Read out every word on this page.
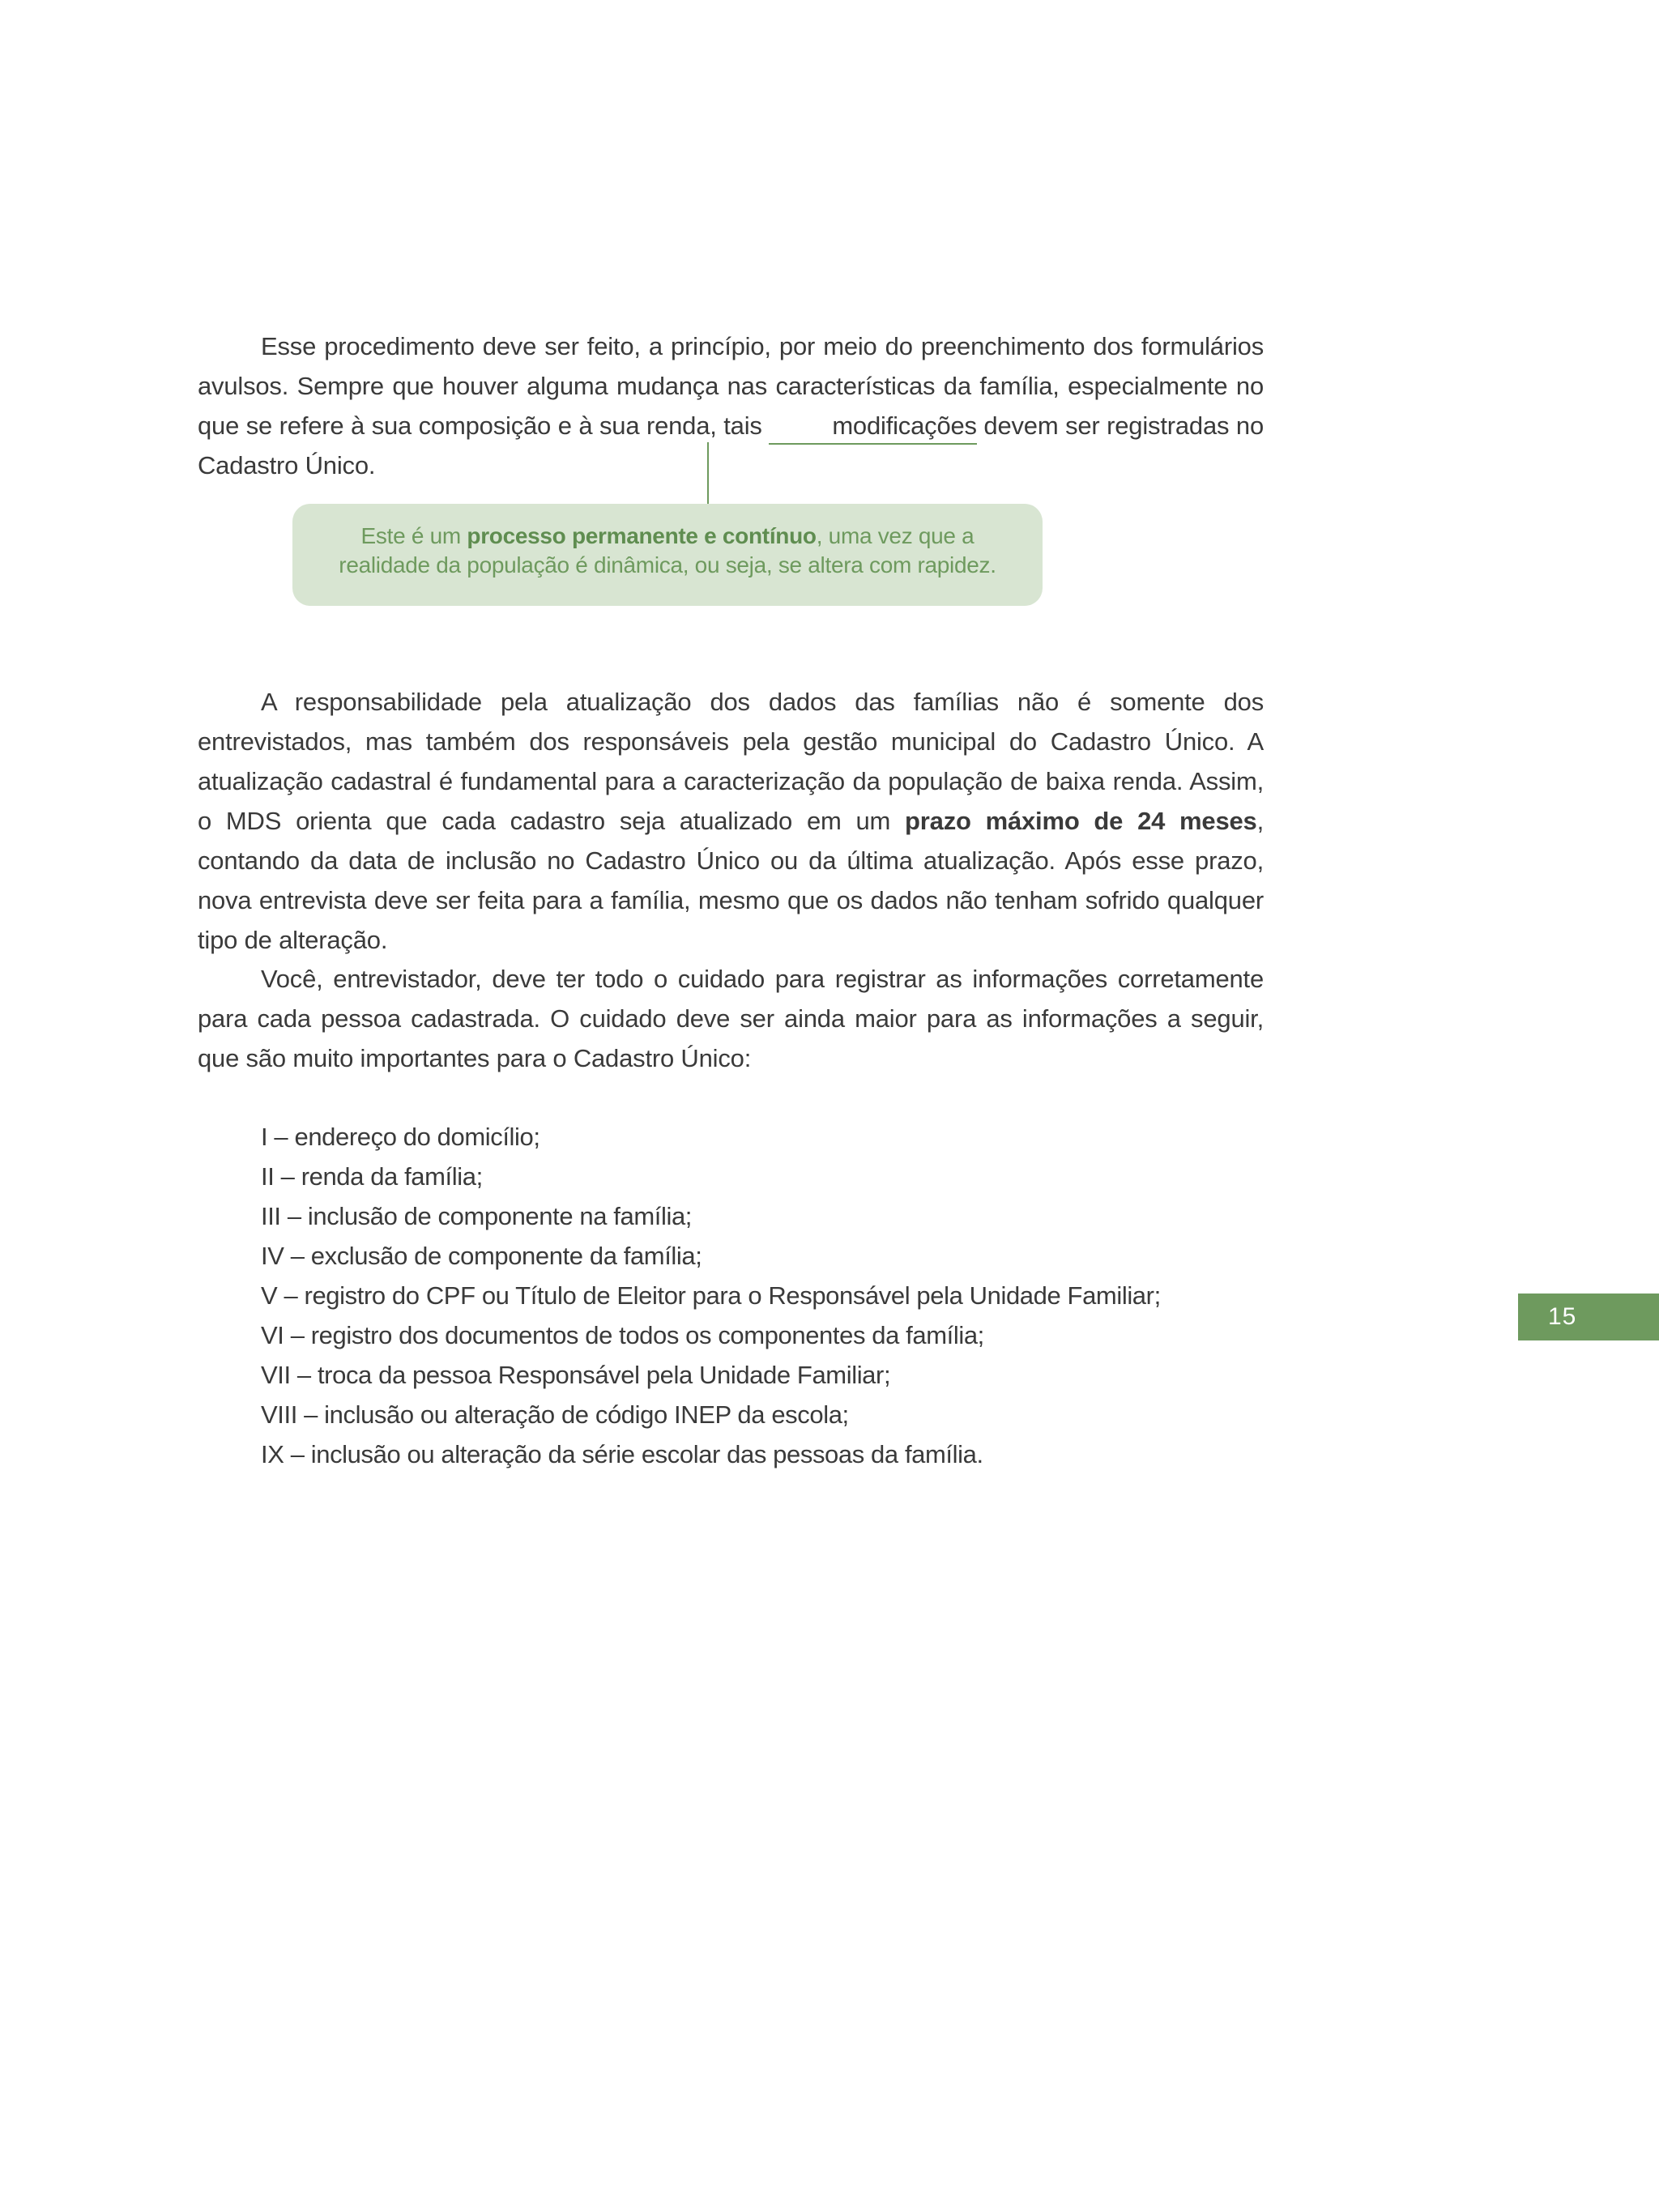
Esse procedimento deve ser feito, a princípio, por meio do preenchimento dos formulários avulsos. Sempre que houver alguma mudança nas características da família, especialmente no que se refere à sua composição e à sua renda, tais	modificações devem ser registradas no Cadastro Único.

Este é um processo permanente e contínuo, uma vez que a realidade da população é dinâmica, ou seja, se altera com rapidez.

A responsabilidade pela atualização dos dados das famílias não é somente dos entrevistados, mas também dos responsáveis pela gestão municipal do Cadastro Único. A atualização cadastral é fundamental para a caracterização da população de baixa renda. Assim, o MDS orienta que cada cadastro seja atualizado em um prazo máximo de 24 meses, contando da data de inclusão no Cadastro Único ou da última atualização. Após esse prazo, nova entrevista deve ser feita para a família, mesmo que os dados não tenham sofrido qualquer tipo de alteração.

Você, entrevistador, deve ter todo o cuidado para registrar as informações corretamente para cada pessoa cadastrada. O cuidado deve ser ainda maior para as informações a seguir, que são muito importantes para o Cadastro Único:

I – endereço do domicílio;
II – renda da família;
III – inclusão de componente na família;
IV – exclusão de componente da família;
V – registro do CPF ou Título de Eleitor para o Responsável pela Unidade Familiar;
VI – registro dos documentos de todos os componentes da família;
VII – troca da pessoa Responsável pela Unidade Familiar;
VIII – inclusão ou alteração de código INEP da escola;
IX – inclusão ou alteração da série escolar das pessoas da família.
15
